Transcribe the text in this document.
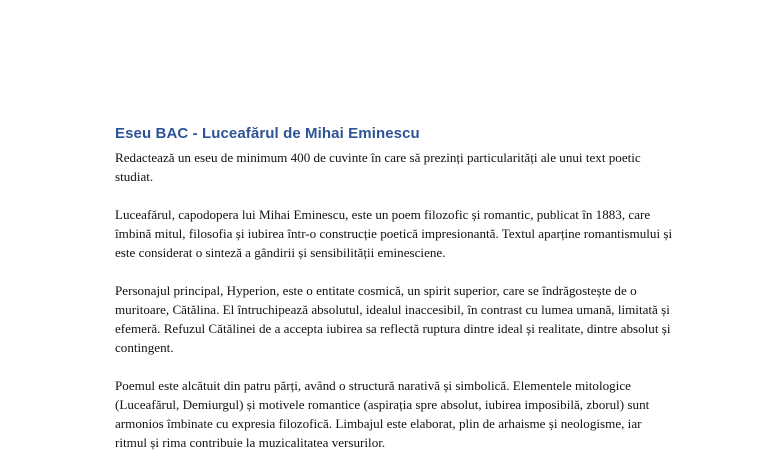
Eseu BAC - Luceafărul de Mihai Eminescu

Redactează un eseu de minimum 400 de cuvinte în care să prezinți particularități ale unui text poetic studiat.

Luceafărul, capodopera lui Mihai Eminescu, este un poem filozofic și romantic, publicat în 1883, care îmbină mitul, filosofia și iubirea într-o construcție poetică impresionantă. Textul aparține romantismului și este considerat o sinteză a gândirii și sensibilității eminesciene.

Personajul principal, Hyperion, este o entitate cosmică, un spirit superior, care se îndrăgostește de o muritoare, Cătălina. El întruchipează absolutul, idealul inaccesibil, în contrast cu lumea umană, limitată și efemeră. Refuzul Cătălinei de a accepta iubirea sa reflectă ruptura dintre ideal și realitate, dintre absolut și contingent.

Poemul este alcătuit din patru părți, având o structură narativă și simbolică. Elementele mitologice (Luceafărul, Demiurgul) și motivele romantice (aspirația spre absolut, iubirea imposibilă, zborul) sunt armonios îmbinate cu expresia filozofică. Limbajul este elaborat, plin de arhaisme și neologisme, iar ritmul și rima contribuie la muzicalitatea versurilor.
